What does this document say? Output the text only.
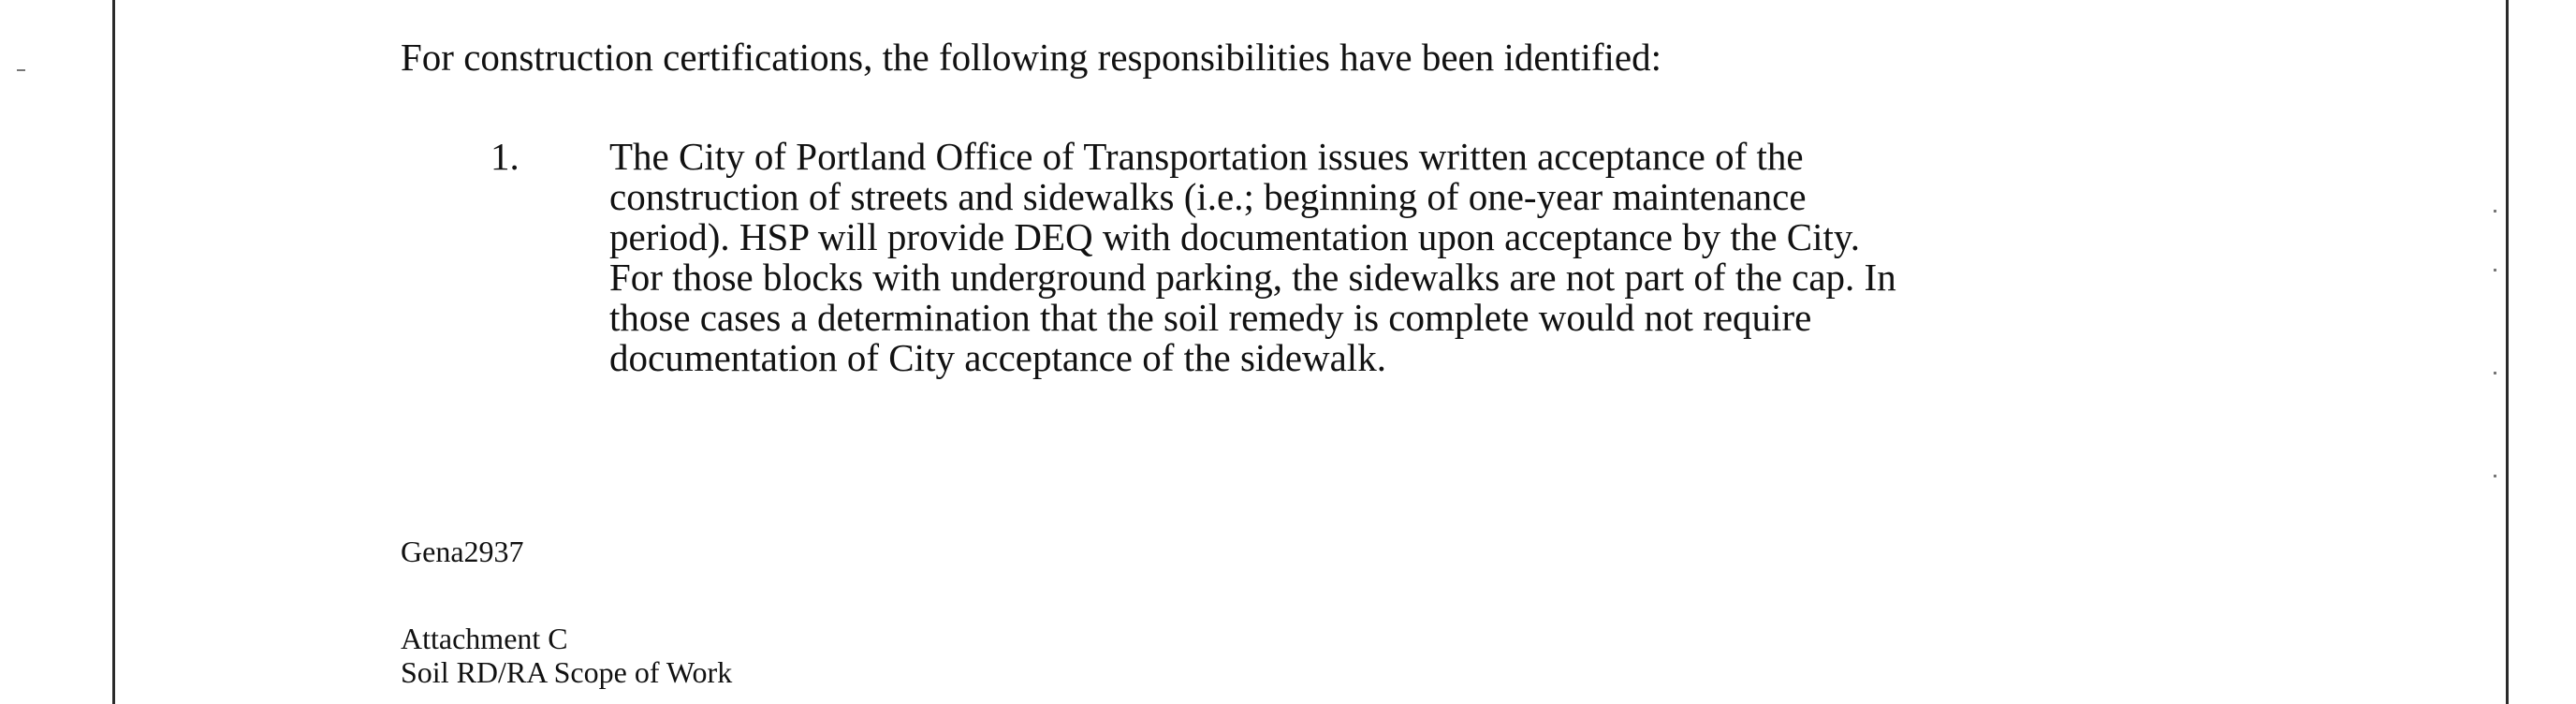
For construction certifications, the following responsibilities have been identified:
1. The City of Portland Office of Transportation issues written acceptance of the
construction of streets and sidewalks (i.e.; beginning of one-year maintenance
period). HSP will provide DEQ with documentation upon acceptance by the City.
For those blocks with underground parking, the sidewalks are not part of the cap. In
those cases a determination that the soil remedy is complete would not require
documentation of City acceptance of the sidewalk.
Gena2937
Attachment C
Soil RD/RA Scope of Work
